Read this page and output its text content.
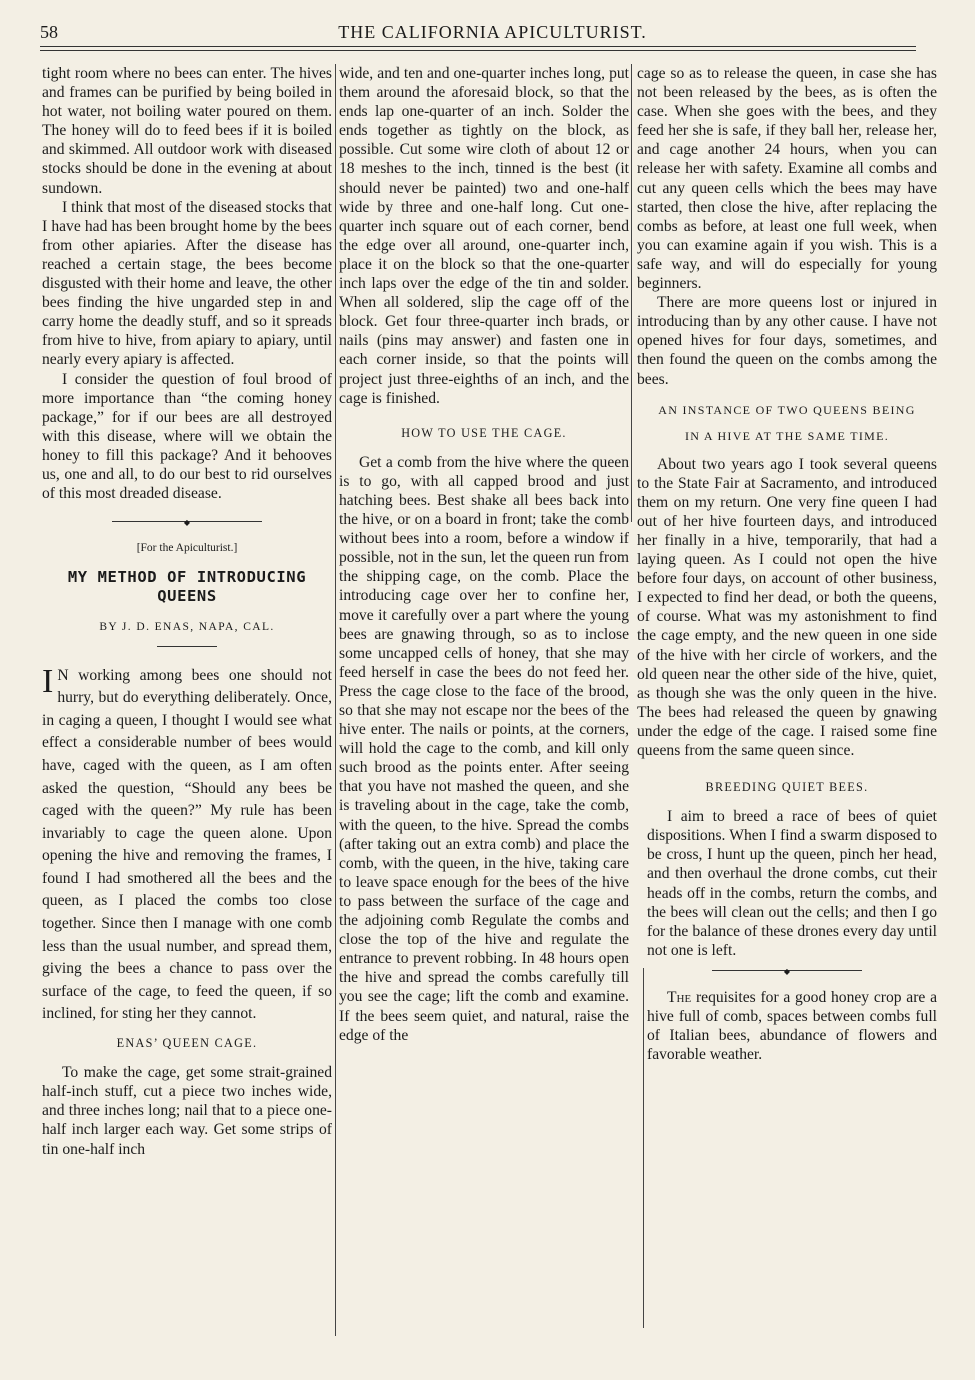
58	THE CALIFORNIA APICULTURIST.

tight room where no bees can enter. The hives and frames can be purified by being boiled in hot water, not boiling water poured on them. The honey will do to feed bees if it is boiled and skimmed. All outdoor work with diseased stocks should be done in the evening at about sundown.

I think that most of the diseased stocks that I have had has been brought home by the bees from other apiaries. After the disease has reached a certain stage, the bees become disgusted with their home and leave, the other bees finding the hive ungarded step in and carry home the deadly stuff, and so it spreads from hive to hive, from apiary to apiary, until nearly every apiary is affected.

I consider the question of foul brood of more importance than “the coming honey package,” for if our bees are all destroyed with this disease, where will we obtain the honey to fill this package? And it behooves us, one and all, to do our best to rid ourselves of this most dreaded disease.

◆
[For the Apiculturist.]
MY METHOD OF INTRODUCING QUEENS
BY J. D. ENAS, NAPA, CAL.

I N working among bees one should not hurry, but do everything deliberately. Once, in caging a queen, I thought I would see what effect a considerable number of bees would have, caged with the queen, as I am often asked the question, “Should any bees be caged with the queen?” My rule has been invariably to cage the queen alone. Upon opening the hive and removing the frames, I found I had smothered all the bees and the queen, as I placed the combs too close together. Since then I manage with one comb less than the usual number, and spread them, giving the bees a chance to pass over the surface of the cage, to feed the queen, if so inclined, for sting her they cannot.

ENAS’ QUEEN CAGE.

To make the cage, get some strait-grained half-inch stuff, cut a piece two inches wide, and three inches long; nail that to a piece one-half inch larger each way. Get some strips of tin one-half inch

wide, and ten and one-quarter inches long, put them around the aforesaid block, so that the ends lap one-quarter of an inch. Solder the ends together as tightly on the block, as possible. Cut some wire cloth of about 12 or 18 meshes to the inch, tinned is the best (it should never be painted) two and one-half wide by three and one-half long. Cut one-quarter inch square out of each corner, bend the edge over all around, one-quarter inch, place it on the block so that the one-quarter inch laps over the edge of the tin and solder. When all soldered, slip the cage off of the block. Get four three-quarter inch brads, or nails (pins may answer) and fasten one in each corner inside, so that the points will project just three-eighths of an inch, and the cage is finished.

HOW TO USE THE CAGE.

Get a comb from the hive where the queen is to go, with all capped brood and just hatching bees. Best shake all bees back into the hive, or on a board in front; take the comb without bees into a room, before a window if possible, not in the sun, let the queen run from the shipping cage, on the comb. Place the introducing cage over her to confine her, move it carefully over a part where the young bees are gnawing through, so as to inclose some uncapped cells of honey, that she may feed herself in case the bees do not feed her. Press the cage close to the face of the brood, so that she may not escape nor the bees of the hive enter. The nails or points, at the corners, will hold the cage to the comb, and kill only such brood as the points enter. After seeing that you have not mashed the queen, and she is traveling about in the cage, take the comb, with the queen, to the hive. Spread the combs (after taking out an extra comb) and place the comb, with the queen, in the hive, taking care to leave space enough for the bees of the hive to pass between the surface of the cage and the adjoining comb Regulate the combs and close the top of the hive and regulate the entrance to prevent robbing. In 48 hours open the hive and spread the combs carefully till you see the cage; lift the comb and examine. If the bees seem quiet, and natural, raise the edge of the

cage so as to release the queen, in case she has not been released by the bees, as is often the case. When she goes with the bees, and they feed her she is safe, if they ball her, release her, and cage another 24 hours, when you can release her with safety. Examine all combs and cut any queen cells which the bees may have started, then close the hive, after replacing the combs as before, at least one full week, when you can examine again if you wish. This is a safe way, and will do especially for young beginners.

There are more queens lost or injured in introducing than by any other cause. I have not opened hives for four days, sometimes, and then found the queen on the combs among the bees.

AN INSTANCE OF TWO QUEENS BEING
IN A HIVE AT THE SAME TIME.

About two years ago I took several queens to the State Fair at Sacramento, and introduced them on my return. One very fine queen I had out of her hive fourteen days, and introduced her finally in a hive, temporarily, that had a laying queen. As I could not open the hive before four days, on account of other business, I expected to find her dead, or both the queens, of course. What was my astonishment to find the cage empty, and the new queen in one side of the hive with her circle of workers, and the old queen near the other side of the hive, quiet, as though she was the only queen in the hive. The bees had released the queen by gnawing under the edge of the cage. I raised some fine queens from the same queen since.

BREEDING QUIET BEES.

I aim to breed a race of bees of quiet dispositions. When I find a swarm disposed to be cross, I hunt up the queen, pinch her head, and then overhaul the drone combs, cut their heads off in the combs, return the combs, and the bees will clean out the cells; and then I go for the balance of these drones every day until not one is left.

◆

The requisites for a good honey crop are a hive full of comb, spaces between combs full of Italian bees, abundance of flowers and favorable weather.
